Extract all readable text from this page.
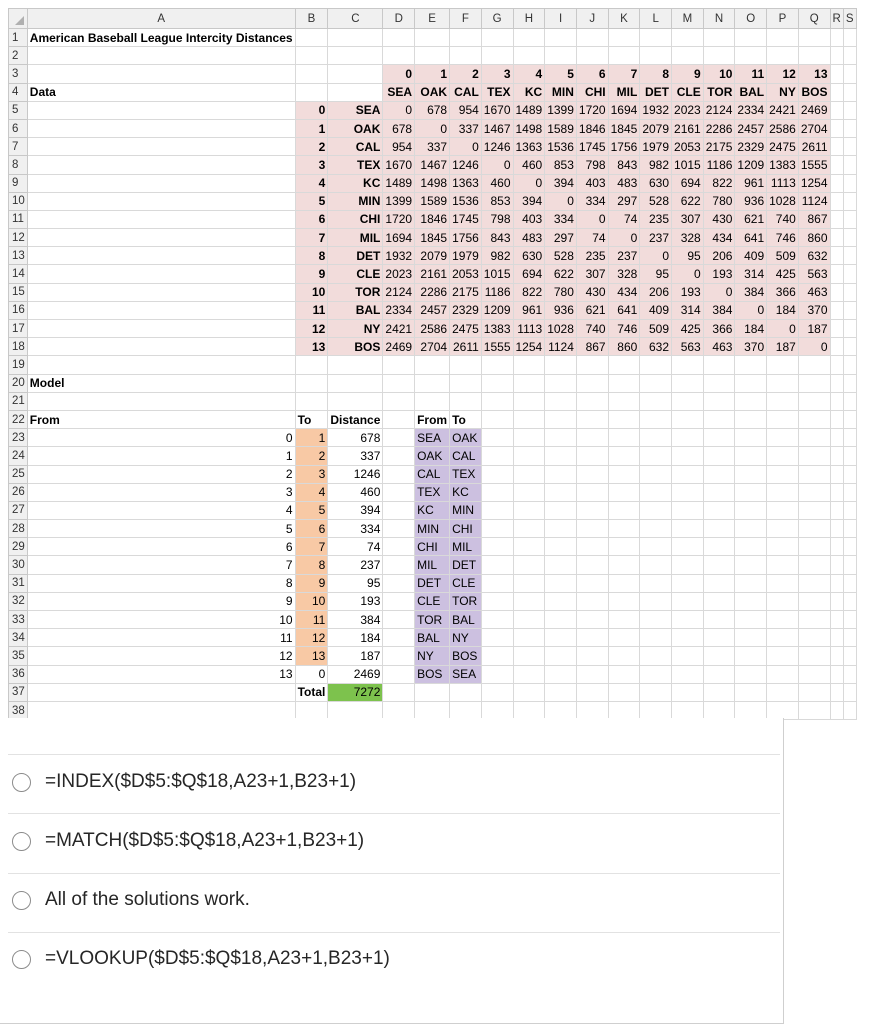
	A	B	C	D	E	F	G	H	I	J	K	L	M	N	O	P	Q	R	S
1	American Baseball League Intercity Distances																		
2																			
3				0	1	2	3	4	5	6	7	8	9	10	11	12	13		
4	Data			SEA	OAK	CAL	TEX	KC	MIN	CHI	MIL	DET	CLE	TOR	BAL	NY	BOS		
5		0	SEA	0	678	954	1670	1489	1399	1720	1694	1932	2023	2124	2334	2421	2469		
6		1	OAK	678	0	337	1467	1498	1589	1846	1845	2079	2161	2286	2457	2586	2704		
7		2	CAL	954	337	0	1246	1363	1536	1745	1756	1979	2053	2175	2329	2475	2611		
8		3	TEX	1670	1467	1246	0	460	853	798	843	982	1015	1186	1209	1383	1555		
9		4	KC	1489	1498	1363	460	0	394	403	483	630	694	822	961	1113	1254		
10		5	MIN	1399	1589	1536	853	394	0	334	297	528	622	780	936	1028	1124		
11		6	CHI	1720	1846	1745	798	403	334	0	74	235	307	430	621	740	867		
12		7	MIL	1694	1845	1756	843	483	297	74	0	237	328	434	641	746	860		
13		8	DET	1932	2079	1979	982	630	528	235	237	0	95	206	409	509	632		
14		9	CLE	2023	2161	2053	1015	694	622	307	328	95	0	193	314	425	563		
15		10	TOR	2124	2286	2175	1186	822	780	430	434	206	193	0	384	366	463		
16		11	BAL	2334	2457	2329	1209	961	936	621	641	409	314	384	0	184	370		
17		12	NY	2421	2586	2475	1383	1113	1028	740	746	509	425	366	184	0	187		
18		13	BOS	2469	2704	2611	1555	1254	1124	867	860	632	563	463	370	187	0		
19																			
20	Model																		
21																			
22	From	To	Distance		From	To													
23	0	1	678		SEA	OAK													
24	1	2	337		OAK	CAL													
25	2	3	1246		CAL	TEX													
26	3	4	460		TEX	KC													
27	4	5	394		KC	MIN													
28	5	6	334		MIN	CHI													
29	6	7	74		CHI	MIL													
30	7	8	237		MIL	DET													
31	8	9	95		DET	CLE													
32	9	10	193		CLE	TOR													
33	10	11	384		TOR	BAL													
34	11	12	184		BAL	NY													
35	12	13	187		NY	BOS													
36	13	0	2469		BOS	SEA													
37		Total	7272																
38																			
=INDEX($D$5:$Q$18,A23+1,B23+1)
=MATCH($D$5:$Q$18,A23+1,B23+1)
All of the solutions work.
=VLOOKUP($D$5:$Q$18,A23+1,B23+1)
